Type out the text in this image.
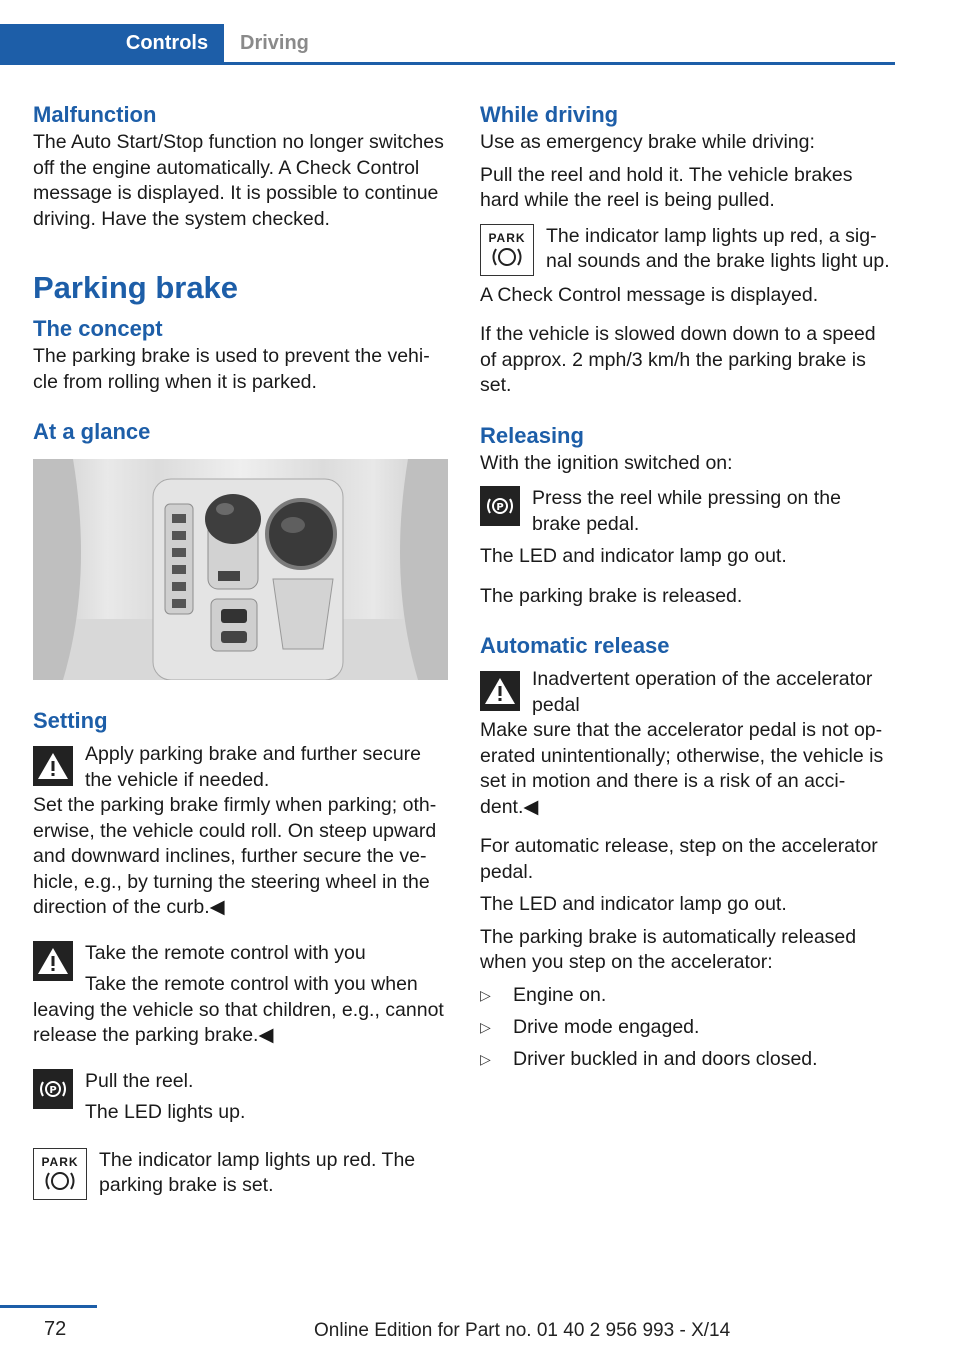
Controls	Driving
Malfunction

The Auto Start/Stop function no longer switches off the engine automatically. A Check Control message is displayed. It is possible to continue driving. Have the system checked.

Parking brake
The concept

The parking brake is used to prevent the vehicle from rolling when it is parked.

At a glance
Setting

Apply parking brake and further secure the vehicle if needed.

Set the parking brake firmly when parking; otherwise, the vehicle could roll. On steep upward and downward inclines, further secure the vehicle, e.g., by turning the steering wheel in the direction of the curb.◀

Take the remote control with you

Take the remote control with you when

leaving the vehicle so that children, e.g., cannot release the parking brake.◀

P Pull the reel.

The LED lights up.

PARK The indicator lamp lights up red. The parking brake is set.

While driving

Use as emergency brake while driving:

Pull the reel and hold it. The vehicle brakes hard while the reel is being pulled.

PARK The indicator lamp lights up red, a signal sounds and the brake lights light up.

A Check Control message is displayed.

If the vehicle is slowed down down to a speed of approx. 2 mph/3 km/h the parking brake is set.

Releasing

With the ignition switched on:

P Press the reel while pressing on the brake pedal.

The LED and indicator lamp go out.

The parking brake is released.

Automatic release

Inadvertent operation of the accelerator pedal

Make sure that the accelerator pedal is not operated unintentionally; otherwise, the vehicle is set in motion and there is a risk of an accident.◀

For automatic release, step on the accelerator pedal.

The LED and indicator lamp go out.

The parking brake is automatically released when you step on the accelerator:

▷	Engine on.
▷	Drive mode engaged.
▷	Driver buckled in and doors closed.
72	Online Edition for Part no. 01 40 2 956 993 - X/14
